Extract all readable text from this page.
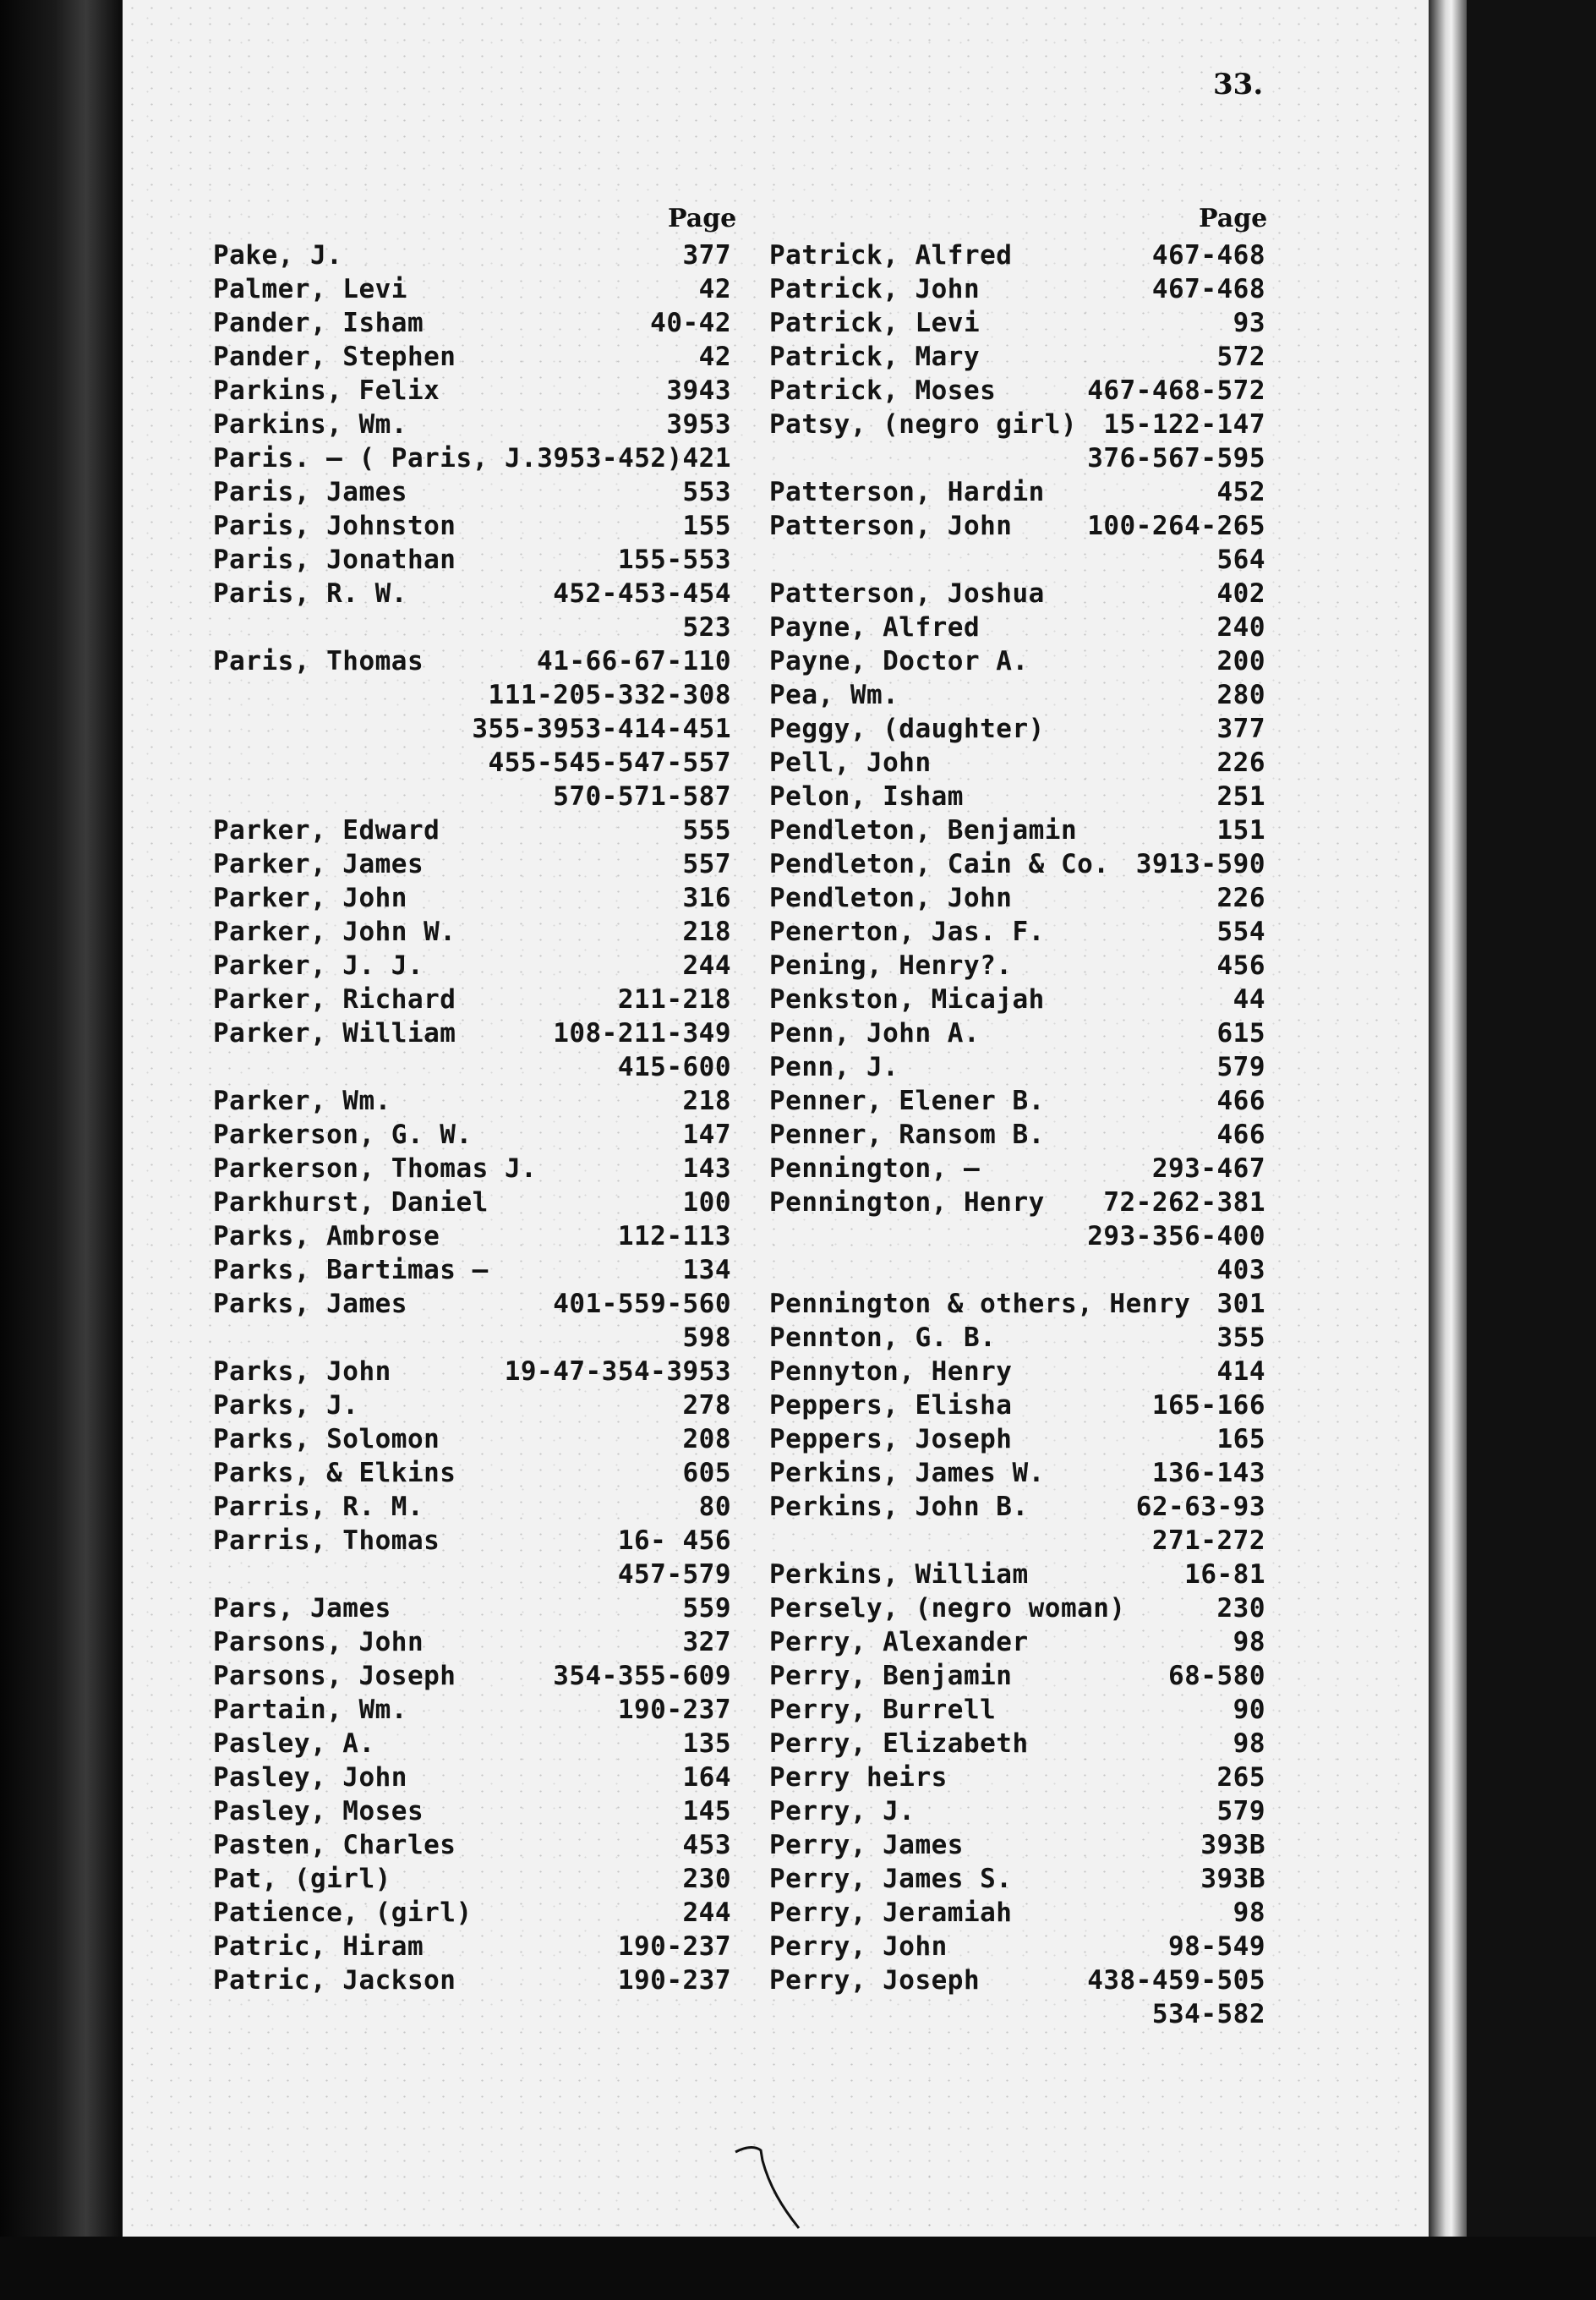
33.
Page	Page
Pake, J.	377
Palmer, Levi	42
Pander, Isham	40-42
Pander, Stephen	42
Parkins, Felix	3943
Parkins, Wm.	3953
Paris. — ( Paris, J.3953-452) 421
Paris, James	553
Paris, Johnston	155
Paris, Jonathan	155-553
Paris, R. W.	452-453-454
523
Paris, Thomas	41-66-67-110
111-205-332-308
355-3953-414-451
455-545-547-557
570-571-587
Parker, Edward	555
Parker, James	557
Parker, John	316
Parker, John W.	218
Parker, J. J.	244
Parker, Richard	211-218
Parker, William	108-211-349
415-600
Parker, Wm.	218
Parkerson, G. W.	147
Parkerson, Thomas J.	143
Parkhurst, Daniel	100
Parks, Ambrose	112-113
Parks, Bartimas —	134
Parks, James	401-559-560
598
Parks, John	19-47-354-3953
Parks, J.	278
Parks, Solomon	208
Parks, & Elkins	605
Parris, R. M.	80
Parris, Thomas	16- 456
457-579
Pars, James	559
Parsons, John	327
Parsons, Joseph	354-355-609
Partain, Wm.	190-237
Pasley, A.	135
Pasley, John	164
Pasley, Moses	145
Pasten, Charles	453
Pat, (girl)	230
Patience, (girl)	244
Patric, Hiram	190-237
Patric, Jackson	190-237
Patrick, Alfred	467-468
Patrick, John	467-468
Patrick, Levi	93
Patrick, Mary	572
Patrick, Moses	467-468-572
Patsy, (negro girl) 15-122-147
376-567-595
Patterson, Hardin	452
Patterson, John	100-264-265
564
Patterson, Joshua	402
Payne, Alfred	240
Payne, Doctor A.	200
Pea, Wm.	280
Peggy, (daughter)	377
Pell, John	226
Pelon, Isham	251
Pendleton, Benjamin	151
Pendleton, Cain & Co. 3913-590
Pendleton, John	226
Penerton, Jas. F.	554
Pening, Henry?.	456
Penkston, Micajah	44
Penn, John A.	615
Penn, J.	579
Penner, Elener B.	466
Penner, Ransom B.	466
Pennington, —	293-467
Pennington, Henry 72-262-381
293-356-400
403
Pennington & others, Henry 301
Pennton, G. B.	355
Pennyton, Henry	414
Peppers, Elisha	165-166
Peppers, Joseph	165
Perkins, James W.	136-143
Perkins, John B.	62-63-93
271-272
Perkins, William	16-81
Persely, (negro woman)	230
Perry, Alexander	98
Perry, Benjamin	68-580
Perry, Burrell	90
Perry, Elizabeth	98
Perry heirs	265
Perry, J.	579
Perry, James	393B
Perry, James S.	393B
Perry, Jeramiah	98
Perry, John	98-549
Perry, Joseph	438-459-505
534-582
